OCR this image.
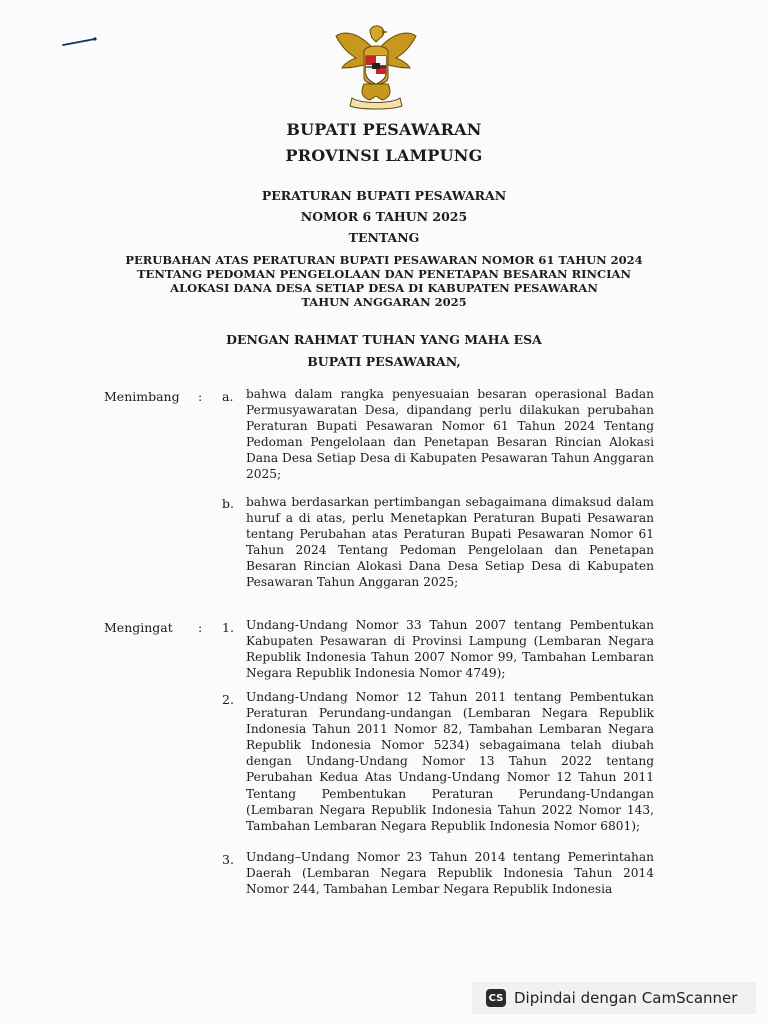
BUPATI PESAWARAN
PROVINSI LAMPUNG
PERATURAN BUPATI PESAWARAN
NOMOR 6 TAHUN 2025
TENTANG
PERUBAHAN ATAS PERATURAN BUPATI PESAWARAN NOMOR 61 TAHUN 2024
TENTANG PEDOMAN PENGELOLAAN DAN PENETAPAN BESARAN RINCIAN
ALOKASI DANA DESA SETIAP DESA DI KABUPATEN PESAWARAN
TAHUN ANGGARAN 2025
DENGAN RAHMAT TUHAN YANG MAHA ESA
BUPATI PESAWARAN,
Menimbang : a. bahwa dalam rangka penyesuaian besaran operasional Badan Permusyawaratan Desa, dipandang perlu dilakukan perubahan Peraturan Bupati Pesawaran Nomor 61 Tahun 2024 Tentang Pedoman Pengelolaan dan Penetapan Besaran Rincian Alokasi Dana Desa Setiap Desa di Kabupaten Pesawaran Tahun Anggaran 2025;
b. bahwa berdasarkan pertimbangan sebagaimana dimaksud dalam huruf a di atas, perlu Menetapkan Peraturan Bupati Pesawaran tentang Perubahan atas Peraturan Bupati Pesawaran Nomor 61 Tahun 2024 Tentang Pedoman Pengelolaan dan Penetapan Besaran Rincian Alokasi Dana Desa Setiap Desa di Kabupaten Pesawaran Tahun Anggaran 2025;
Mengingat : 1. Undang-Undang Nomor 33 Tahun 2007 tentang Pembentukan Kabupaten Pesawaran di Provinsi Lampung (Lembaran Negara Republik Indonesia Tahun 2007 Nomor 99, Tambahan Lembaran Negara Republik Indonesia Nomor 4749);
2. Undang-Undang Nomor 12 Tahun 2011 tentang Pembentukan Peraturan Perundang-undangan (Lembaran Negara Republik Indonesia Tahun 2011 Nomor 82, Tambahan Lembaran Negara Republik Indonesia Nomor 5234) sebagaimana telah diubah dengan Undang-Undang Nomor 13 Tahun 2022 tentang Perubahan Kedua Atas Undang-Undang Nomor 12 Tahun 2011 Tentang Pembentukan Peraturan Perundang-Undangan (Lembaran Negara Republik Indonesia Tahun 2022 Nomor 143, Tambahan Lembaran Negara Republik Indonesia Nomor 6801);
3. Undang–Undang Nomor 23 Tahun 2014 tentang Pemerintahan Daerah (Lembaran Negara Republik Indonesia Tahun 2014 Nomor 244, Tambahan Lembar Negara Republik Indonesia
CS Dipindai dengan CamScanner
